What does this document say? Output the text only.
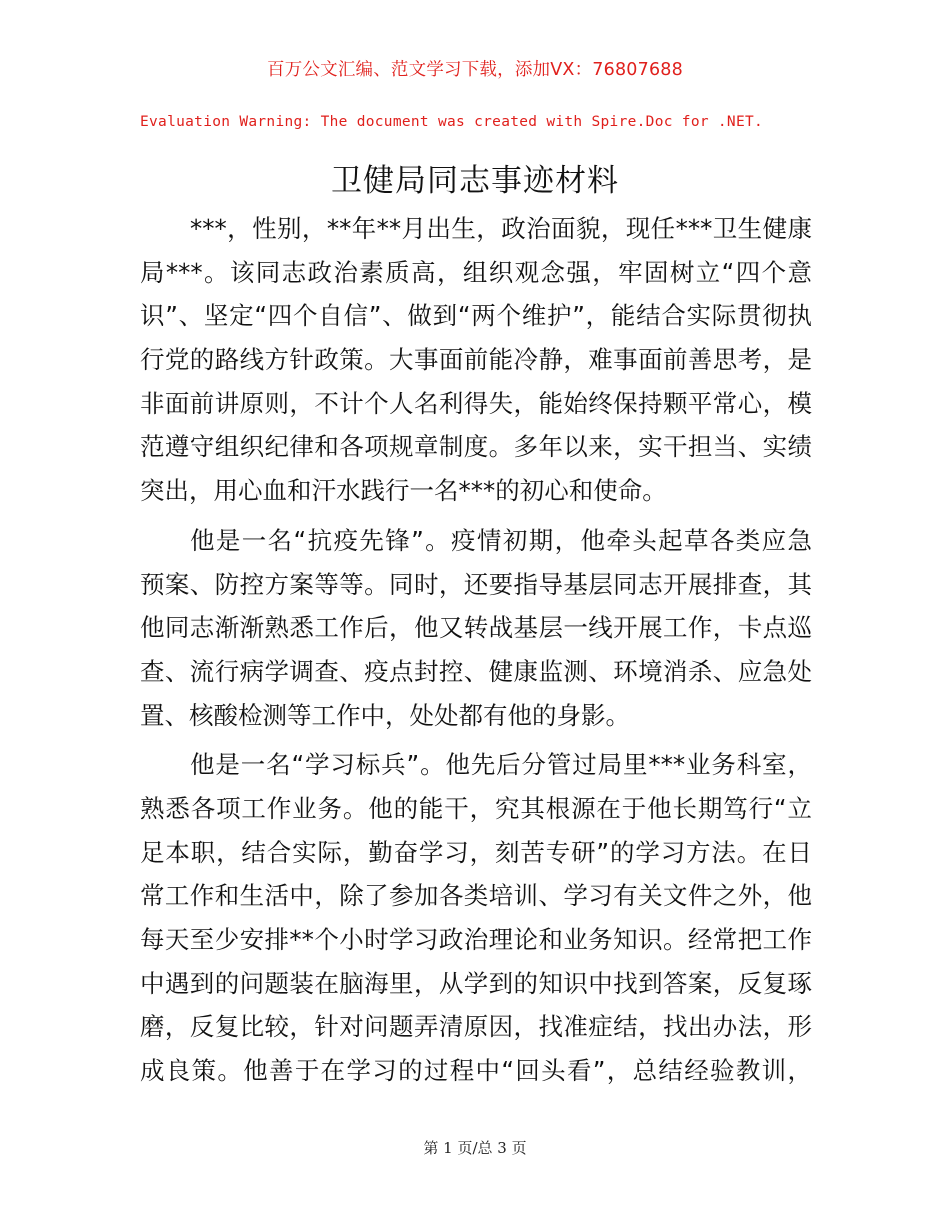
百万公文汇编、范文学习下载，添加VX：76807688
Evaluation Warning: The document was created with Spire.Doc for .NET.
卫健局同志事迹材料
***，性别，**年**月出生，政治面貌，现任***卫生健康
局***。该同志政治素质高，组织观念强，牢固树立“四个意
识”、坚定“四个自信”、做到“两个维护”，能结合实际贯彻执
行党的路线方针政策。大事面前能冷静，难事面前善思考，是
非面前讲原则，不计个人名利得失，能始终保持颗平常心，模
范遵守组织纪律和各项规章制度。多年以来，实干担当、实绩
突出，用心血和汗水践行一名***的初心和使命。
他是一名“抗疫先锋”。疫情初期，他牵头起草各类应急
预案、防控方案等等。同时，还要指导基层同志开展排查，其
他同志渐渐熟悉工作后，他又转战基层一线开展工作，卡点巡
查、流行病学调查、疫点封控、健康监测、环境消杀、应急处
置、核酸检测等工作中，处处都有他的身影。
他是一名“学习标兵”。他先后分管过局里***业务科室，
熟悉各项工作业务。他的能干，究其根源在于他长期笃行“立
足本职，结合实际，勤奋学习，刻苦专研”的学习方法。在日
常工作和生活中，除了参加各类培训、学习有关文件之外，他
每天至少安排**个小时学习政治理论和业务知识。经常把工作
中遇到的问题装在脑海里，从学到的知识中找到答案，反复琢
磨，反复比较，针对问题弄清原因，找准症结，找出办法，形
成良策。他善于在学习的过程中“回头看”，总结经验教训，
第 1 页/总 3 页
